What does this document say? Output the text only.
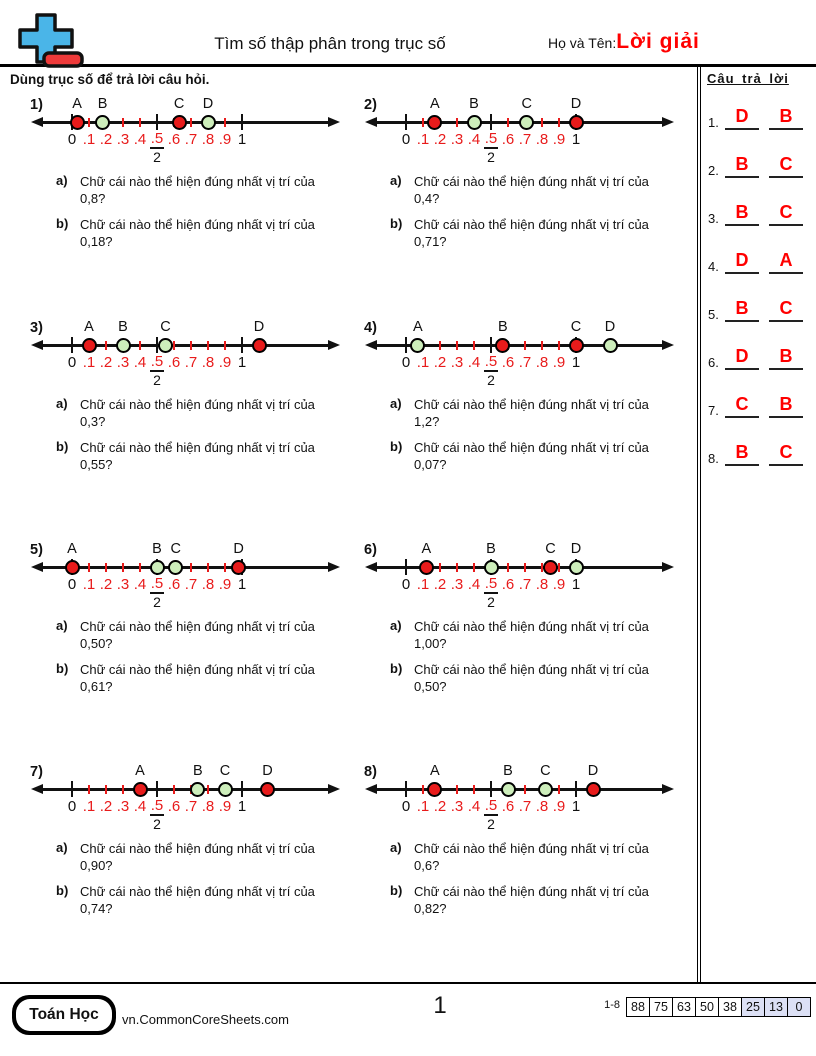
Tìm số thập phân trong trục số	Họ và Tên:Lời giải
Dùng trục số để trả lời câu hỏi.	Câu trả lời
1. D	B
2. B	C
3. B	C
4. D	A
5. B	C
6. D	B
7. C	B
8. B	C
1)
0 .1 .2 .3 .4 .5
2
.6 .7 .8 .9 1
A	B	C	D
a) Chữ cái nào thể hiện đúng nhất vị trí của 0,8?
b) Chữ cái nào thể hiện đúng nhất vị trí của 0,18?
2)
0 .1 .2 .3 .4 .5
2
.6 .7 .8 .9 1
A	B	C	D
a) Chữ cái nào thể hiện đúng nhất vị trí của 0,4?
b) Chữ cái nào thể hiện đúng nhất vị trí của 0,71?
3)
0 .1 .2 .3 .4 .5
2
.6 .7 .8 .9 1
A	B	C	D
a) Chữ cái nào thể hiện đúng nhất vị trí của 0,3?
b) Chữ cái nào thể hiện đúng nhất vị trí của 0,55?
4)
0 .1 .2 .3 .4 .5
2
.6 .7 .8 .9 1
A	B	C	D
a) Chữ cái nào thể hiện đúng nhất vị trí của 1,2?
b) Chữ cái nào thể hiện đúng nhất vị trí của 0,07?
5)
0 .1 .2 .3 .4 .5
2
.6 .7 .8 .9 1
A	B C	D
a) Chữ cái nào thể hiện đúng nhất vị trí của 0,50?
b) Chữ cái nào thể hiện đúng nhất vị trí của 0,61?
6)
0 .1 .2 .3 .4 .5
2
.6 .7 .8 .9 1
A	B	C	D
a) Chữ cái nào thể hiện đúng nhất vị trí của 1,00?
b) Chữ cái nào thể hiện đúng nhất vị trí của 0,50?
7)
0 .1 .2 .3 .4 .5
2
.6 .7 .8 .9 1
A	B	C	D
a) Chữ cái nào thể hiện đúng nhất vị trí của 0,90?
b) Chữ cái nào thể hiện đúng nhất vị trí của 0,74?
8)
0 .1 .2 .3 .4 .5
2
.6 .7 .8 .9 1
A	B	C	D
a) Chữ cái nào thể hiện đúng nhất vị trí của 0,6?
b) Chữ cái nào thể hiện đúng nhất vị trí của 0,82?
Toán Học	vn.CommonCoreSheets.com
1	1-8 88 75 63 50 38 25 13	0
